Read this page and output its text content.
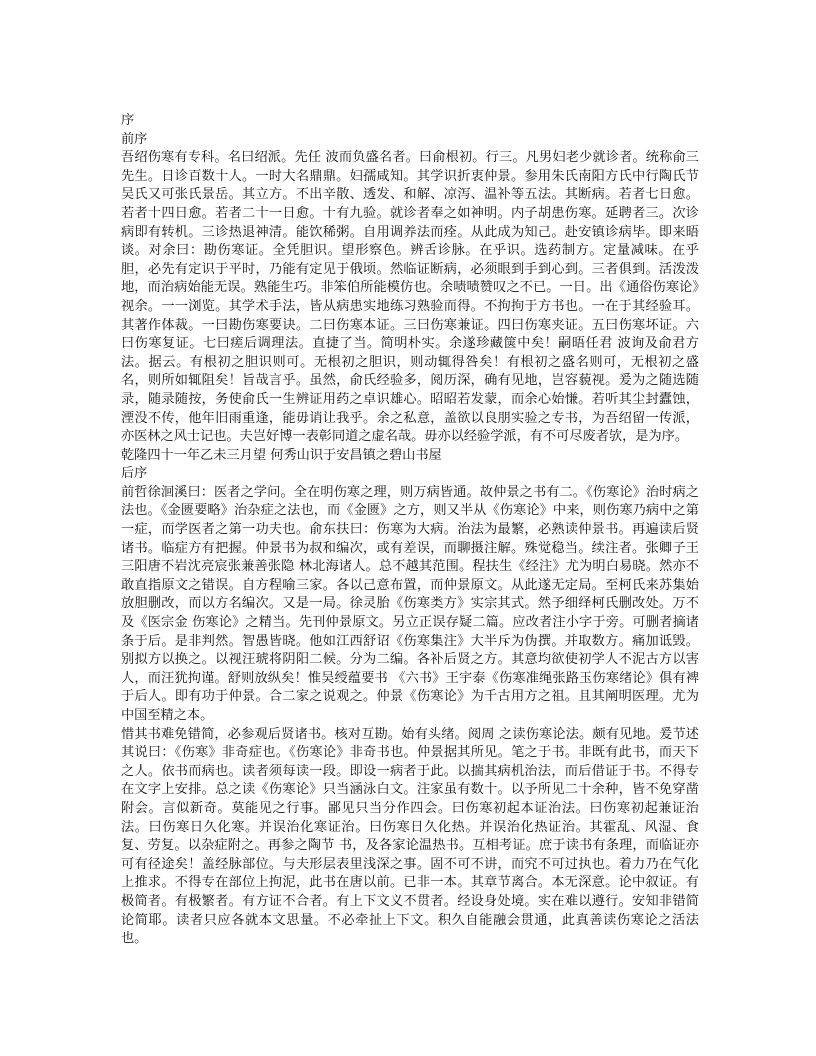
序

前序

吾绍伤寒有专科。名曰绍派。先任 波而负盛名者。曰俞根初。行三。凡男妇老少就诊者。统称俞三先生。日诊百数十人。一时大名鼎鼎。妇孺咸知。其学识折衷仲景。参用朱氏南阳方氏中行陶氏节 吴氏又可张氏景岳。其立方。不出辛散、透发、和解、凉泻、温补等五法。其断病。若者七日愈。若者十四日愈。若者二十一日愈。十有九验。就诊者奉之如神明。内子胡患伤寒。延聘者三。次诊病即有转机。三诊热退神清。能饮稀粥。自用调养法而痊。从此成为知己。赴安镇诊病毕。即来晤谈。对余曰：勘伤寒证。全凭胆识。望形察色。辨舌诊脉。在乎识。选药制方。定量减味。在乎胆，必先有定识于平时，乃能有定见于俄顷。然临证断病，必须眼到手到心到。三者俱到。活泼泼地，而治病始能无误。熟能生巧。非笨伯所能模仿也。余啧啧赞叹之不已。一日。出《通俗伤寒论》视余。一一浏览。其学术手法，皆从病患实地练习熟验而得。不拘拘于方书也。一在于其经验耳。其著作体裁。一曰勘伤寒要诀。二曰伤寒本证。三曰伤寒兼证。四曰伤寒夹证。五曰伤寒坏证。六曰伤寒复证。七曰瘥后调理法。直捷了当。简明朴实。余遂珍藏箧中矣！嗣晤任君 波询及俞君方法。据云。有根初之胆识则可。无根初之胆识，则动辄得咎矣！有根初之盛名则可，无根初之盛名，则所如辄阻矣！旨哉言乎。虽然，俞氏经验多，阅历深，确有见地，岂容藐视。爰为之随选随录，随录随按，务使俞氏一生辨证用药之卓识雄心。昭昭若发蒙，而余心始慊。若听其尘封蠹蚀，湮没不传，他年旧雨重逢，能毋诮让我乎。余之私意，盖欲以良朋实验之专书，为吾绍留一传派，亦医林之风士记也。夫岂好博一表彰同道之虚名哉。毋亦以经验学派，有不可尽废者欤，是为序。

乾隆四十一年乙未三月望 何秀山识于安昌镇之碧山书屋

后序

前哲徐洄溪曰：医者之学问。全在明伤寒之理，则万病皆通。故仲景之书有二。《伤寒论》治时病之法也。《金匮要略》治杂症之法也，而《金匮》之方，则又半从《伤寒论》中来，则伤寒乃病中之第一症，而学医者之第一功夫也。俞东扶曰：伤寒为大病。治法为最繁，必熟读仲景书。再遍读后贤诸书。临症方有把握。仲景书为叔和编次，或有差误，而聊摄注解。殊觉稳当。续注者。张卿子王三阳唐不岩沈亮宸张兼善张隐 林北海诸人。总不越其范围。程扶生《经注》尤为明白易晓。然亦不敢直指原文之错误。自方程喻三家。各以己意布置，而仲景原文。从此遂无定局。至柯氏来苏集始放胆删改，而以方名编次。又是一局。徐灵胎《伤寒类方》实宗其式。然予细绎柯氏删改处。万不及《医宗金 伤寒论》之精当。先刊仲景原文。另立正误存疑二篇。应改者注小字于旁。可删者摘诸条于后。是非判然。智愚皆晓。他如江西舒诏《伤寒集注》大半斥为伪撰。并取数方。痛加诋毁。别拟方以换之。以视汪琥将阴阳二候。分为二编。各补后贤之方。其意均欲使初学人不泥古方以害人，而汪犹拘谨。舒则放纵矣！惟吴绶蕴要书 《六书》王宇泰《伤寒准绳张路玉伤寒绪论》俱有裨于后人。即有功于仲景。合二家之说观之。仲景《伤寒论》为千古用方之祖。且其阐明医理。尤为中国至精之本。

惜其书难免错简，必参观后贤诸书。核对互勘。始有头绪。阅周 之读伤寒论法。颇有见地。爰节述其说曰：《伤寒》非奇症也。《伤寒论》非奇书也。仲景据其所见。笔之于书。非既有此书，而天下之人。依书而病也。读者须每读一段。即设一病者于此。以揣其病机治法，而后借证于书。不得专在文字上安排。总之读《伤寒论》只当涵泳白文。注家虽有数十。以予所见二十余种，皆不免穿凿附会。言似新奇。莫能见之行事。鄙见只当分作四会。曰伤寒初起本证治法。曰伤寒初起兼证治法。曰伤寒日久化寒。并误治化寒证治。曰伤寒日久化热。并误治化热证治。其霍乱、风湿、食复、劳复。以杂症附之。再参之陶节 书，及各家论温热书。互相考证。庶于读书有条理，而临证亦可有径途矣！盖经脉部位。与夫形层表里浅深之事。固不可不讲，而究不可过执也。着力乃在气化上推求。不得专在部位上拘泥，此书在唐以前。已非一本。其章节离合。本无深意。论中叙证。有极简者。有极繁者。有方证不合者。有上下文义不贯者。经设身处境。实在难以遵行。安知非错简论简耶。读者只应各就本文思量。不必牵扯上下文。积久自能融会贯通，此真善读伤寒论之活法也。
